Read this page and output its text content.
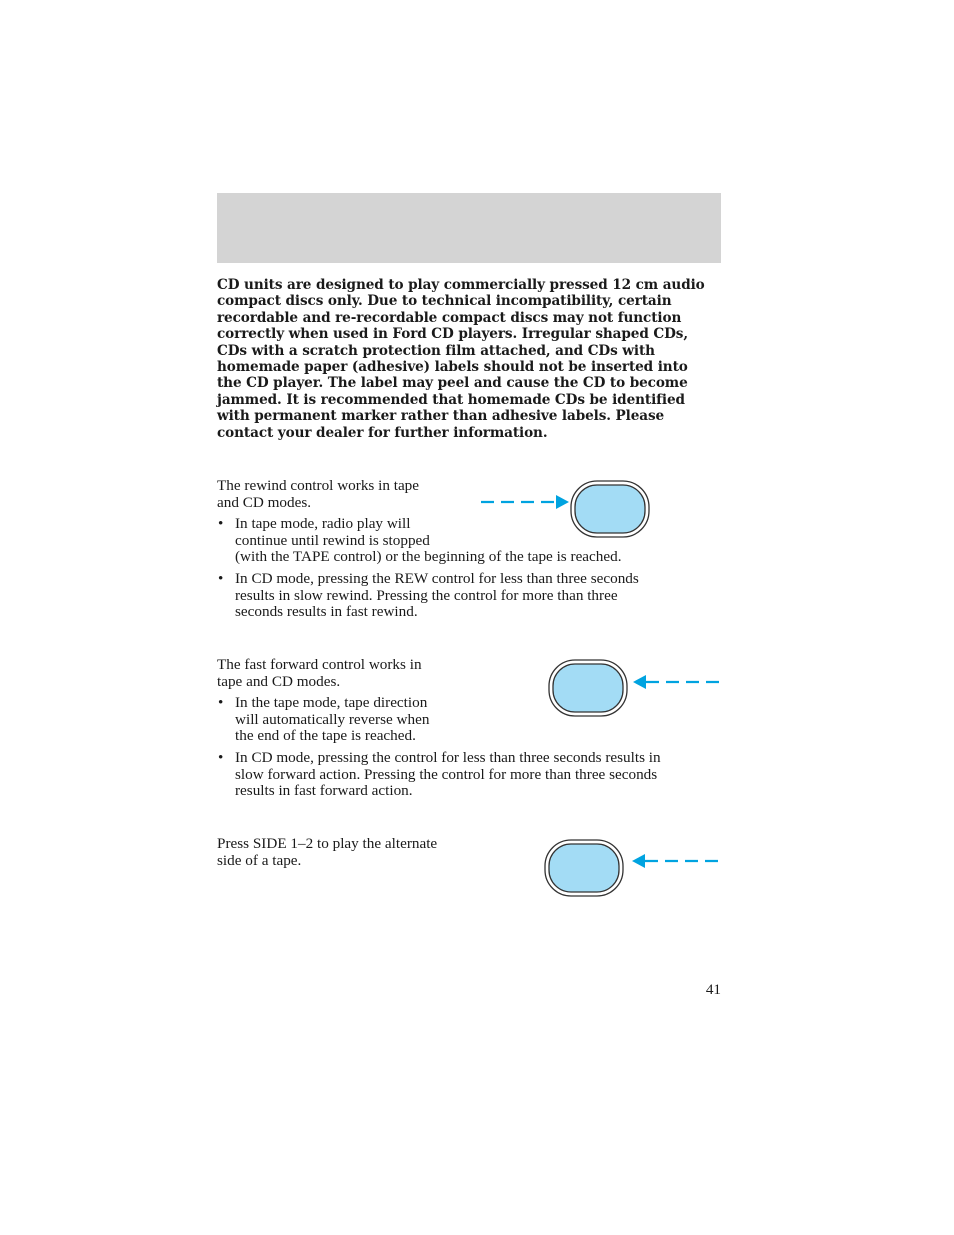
CD units are designed to play commercially pressed 12 cm audio
compact discs only. Due to technical incompatibility, certain
recordable and re-recordable compact discs may not function
correctly when used in Ford CD players. Irregular shaped CDs,
CDs with a scratch protection film attached, and CDs with
homemade paper (adhesive) labels should not be inserted into
the CD player. The label may peel and cause the CD to become
jammed. It is recommended that homemade CDs be identified
with permanent marker rather than adhesive labels. Please
contact your dealer for further information.

The rewind control works in tape
and CD modes.

• In tape mode, radio play will
continue until rewind is stopped
(with the TAPE control) or the beginning of the tape is reached.

• In CD mode, pressing the REW control for less than three seconds
results in slow rewind. Pressing the control for more than three
seconds results in fast rewind.

The fast forward control works in
tape and CD modes.

• In the tape mode, tape direction
will automatically reverse when
the end of the tape is reached.

• In CD mode, pressing the control for less than three seconds results in
slow forward action. Pressing the control for more than three seconds
results in fast forward action.

Press SIDE 1–2 to play the alternate
side of a tape.

41
